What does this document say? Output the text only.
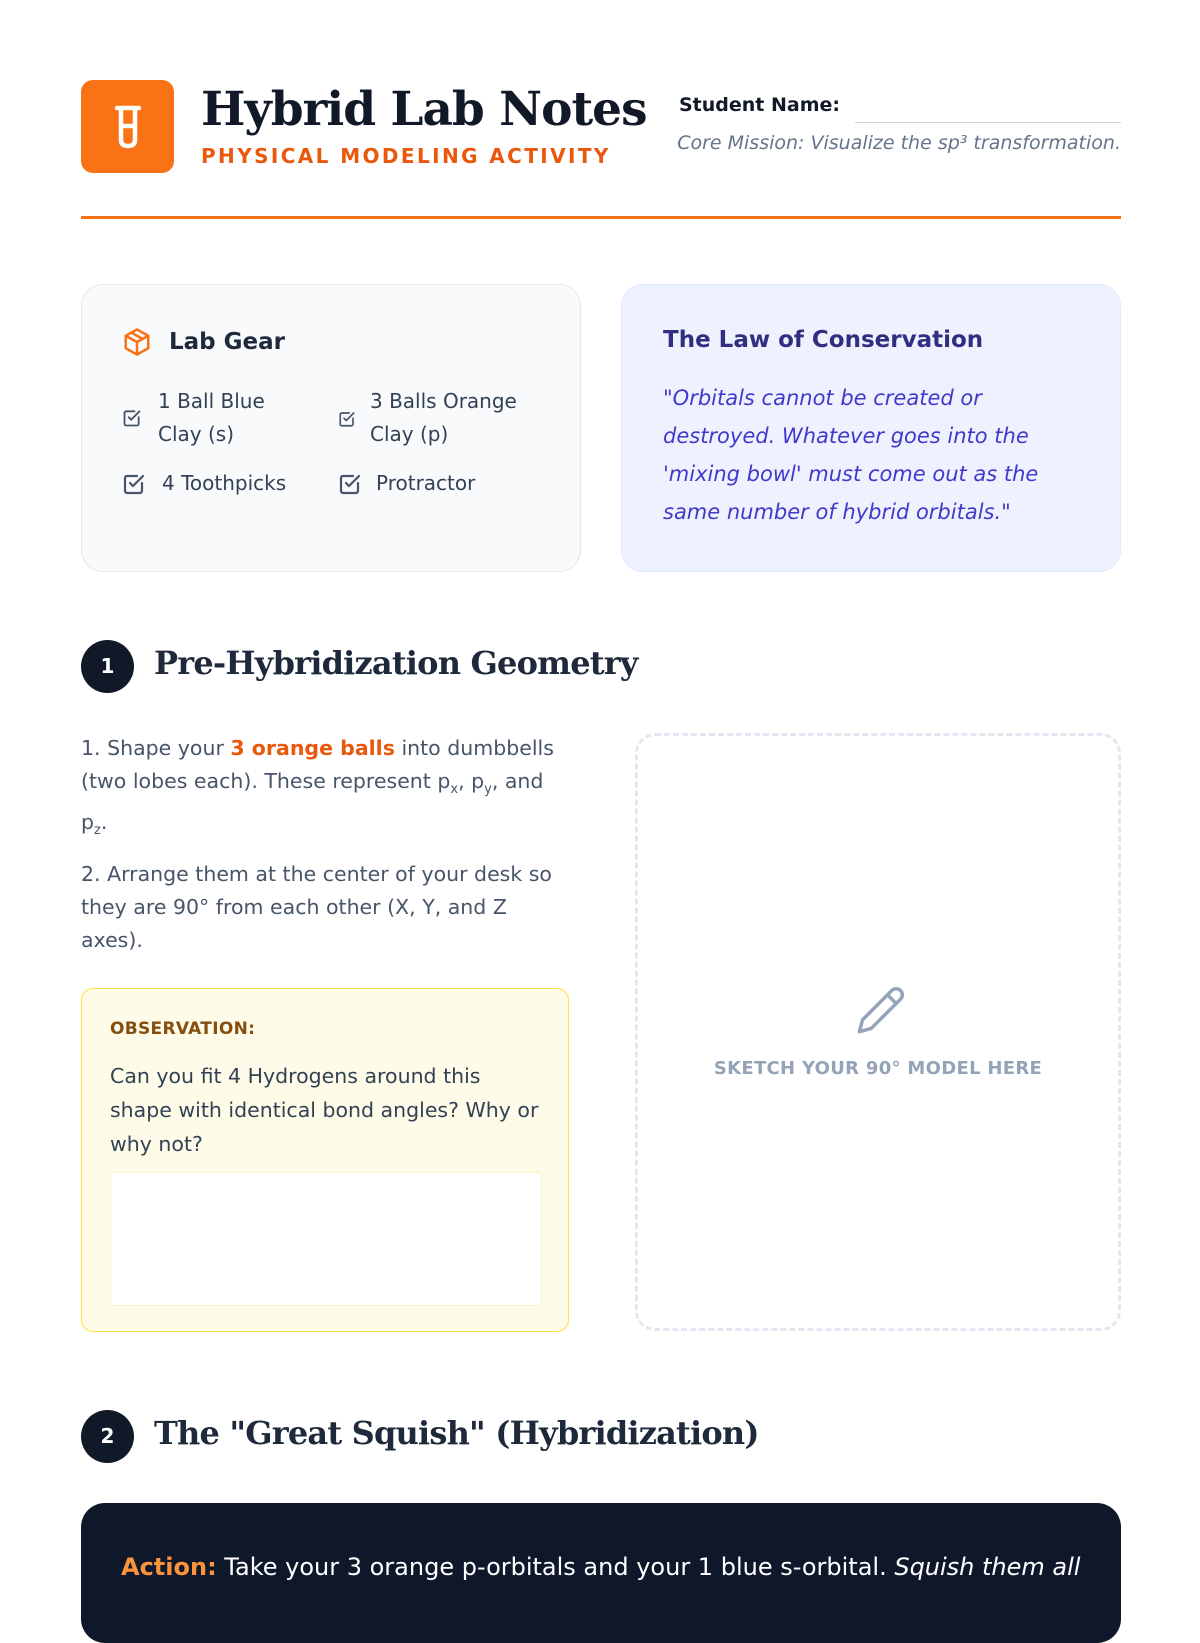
Hybrid Lab Notes
PHYSICAL MODELING ACTIVITY
Student Name:
Core Mission: Visualize the sp³ transformation.
Lab Gear
1 Ball Blue Clay (s)
3 Balls Orange Clay (p)
4 Toothpicks	Protractor
The Law of Conservation
"Orbitals cannot be created or destroyed. Whatever goes into the 'mixing bowl' must come out as the same number of hybrid orbitals."
1	Pre-Hybridization Geometry
1. Shape your 3 orange balls into dumbbells (two lobes each). These represent $p_x$, $p_y$, and $p_z$.
2. Arrange them at the center of your desk so they are 90° from each other (X, Y, and Z axes).
OBSERVATION:
Can you fit 4 Hydrogens around this shape with identical bond angles? Why or why not?
SKETCH YOUR 90° MODEL HERE
2	The "Great Squish" (Hybridization)
Action: Take your 3 orange p-orbitals and your 1 blue s-orbital. Squish them all
